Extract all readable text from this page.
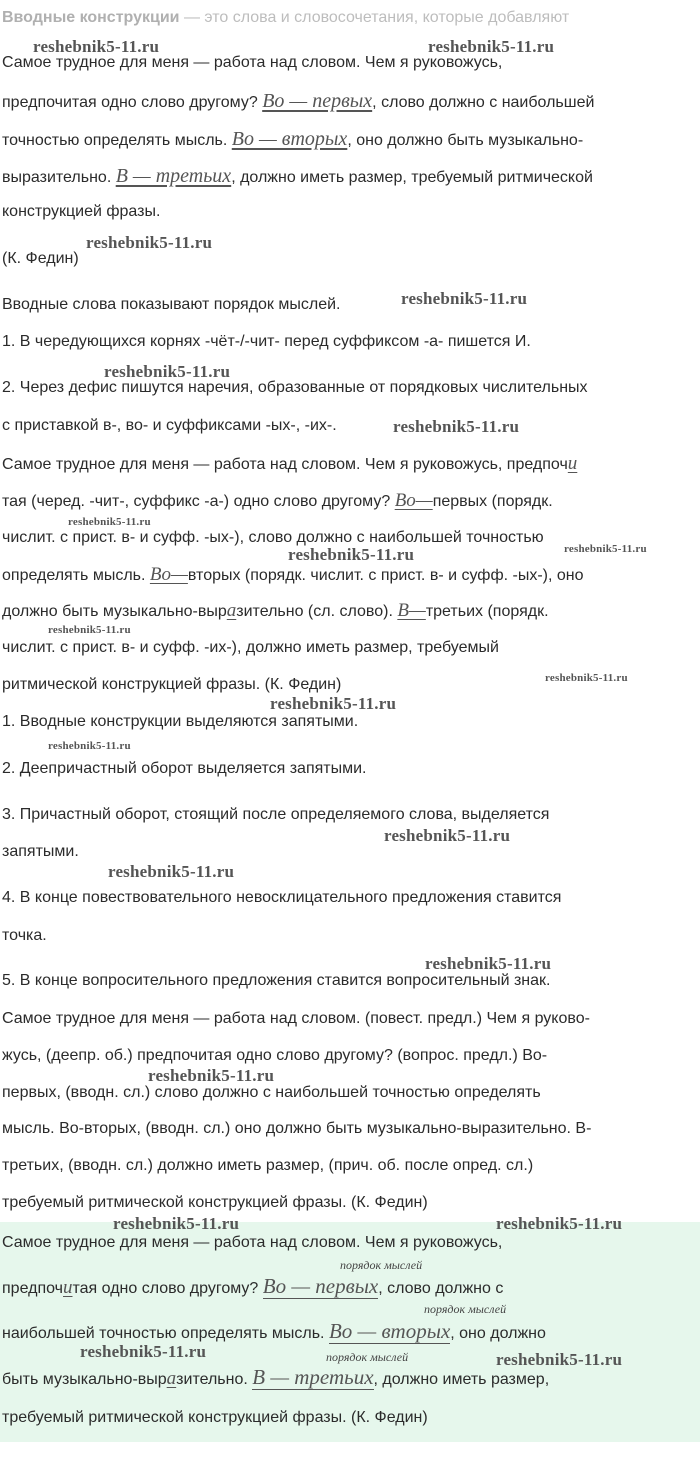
Вводные конструкции — это слова и словосочетания, которые добавляют

Самое трудное для меня — работа над словом. Чем я руковожусь,

предпочитая одно слово другому? Во — первых, слово должно с наибольшей

точностью определять мысль. Во — вторых, оно должно быть музыкально-

выразительно. В — третьих, должно иметь размер, требуемый ритмической

конструкцией фразы.

(К. Федин)

Вводные слова показывают порядок мыслей.

1. В чередующихся корнях -чёт-/-чит- перед суффиксом -а- пишется И.

2. Через дефис пишутся наречия, образованные от порядковых числительных

с приставкой в-, во- и суффиксами -ых-, -их-.

Самое трудное для меня — работа над словом. Чем я руковожусь, предпочи

тая (черед. -чит-, суффикс -а-) одно слово другому? Во—первых (порядк.

числит. с прист. в- и суфф. -ых-), слово должно с наибольшей точностью

определять мысль. Во—вторых (порядк. числит. с прист. в- и суфф. -ых-), оно

должно быть музыкально-выразительно (сл. слово). В—третьих (порядк.

числит. с прист. в- и суфф. -их-), должно иметь размер, требуемый

ритмической конструкцией фразы. (К. Федин)

1. Вводные конструкции выделяются запятыми.

2. Деепричастный оборот выделяется запятыми.

3. Причастный оборот, стоящий после определяемого слова, выделяется

запятыми.

4. В конце повествовательного невосклицательного предложения ставится

точка.

5. В конце вопросительного предложения ставится вопросительный знак.

Самое трудное для меня — работа над словом. (повест. предл.) Чем я руково-

жусь, (деепр. об.) предпочитая одно слово другому? (вопрос. предл.) Во-

первых, (вводн. сл.) слово должно с наибольшей точностью определять

мысль. Во-вторых, (вводн. сл.) оно должно быть музыкально-выразительно. В-

третьих, (вводн. сл.) должно иметь размер, (прич. об. после опред. сл.)

требуемый ритмической конструкцией фразы. (К. Федин)

Самое трудное для меня — работа над словом. Чем я руковожусь,

порядок мыслей

предпочитая одно слово другому? Во — первых, слово должно с

порядок мыслей

наибольшей точностью определять мысль. Во — вторых, оно должно

порядок мыслей

быть музыкально-выразительно. В — третьих, должно иметь размер,

требуемый ритмической конструкцией фразы. (К. Федин)

reshebnik5-11.ru	reshebnik5-11.ru
reshebnik5-11.ru
reshebnik5-11.ru
reshebnik5-11.ru
reshebnik5-11.ru
reshebnik5-11.ru
reshebnik5-11.ru	reshebnik5-11.ru
reshebnik5-11.ru
reshebnik5-11.ru
reshebnik5-11.ru
reshebnik5-11.ru
reshebnik5-11.ru
reshebnik5-11.ru
reshebnik5-11.ru
reshebnik5-11.ru
reshebnik5-11.ru	reshebnik5-11.ru
reshebnik5-11.ru	reshebnik5-11.ru
